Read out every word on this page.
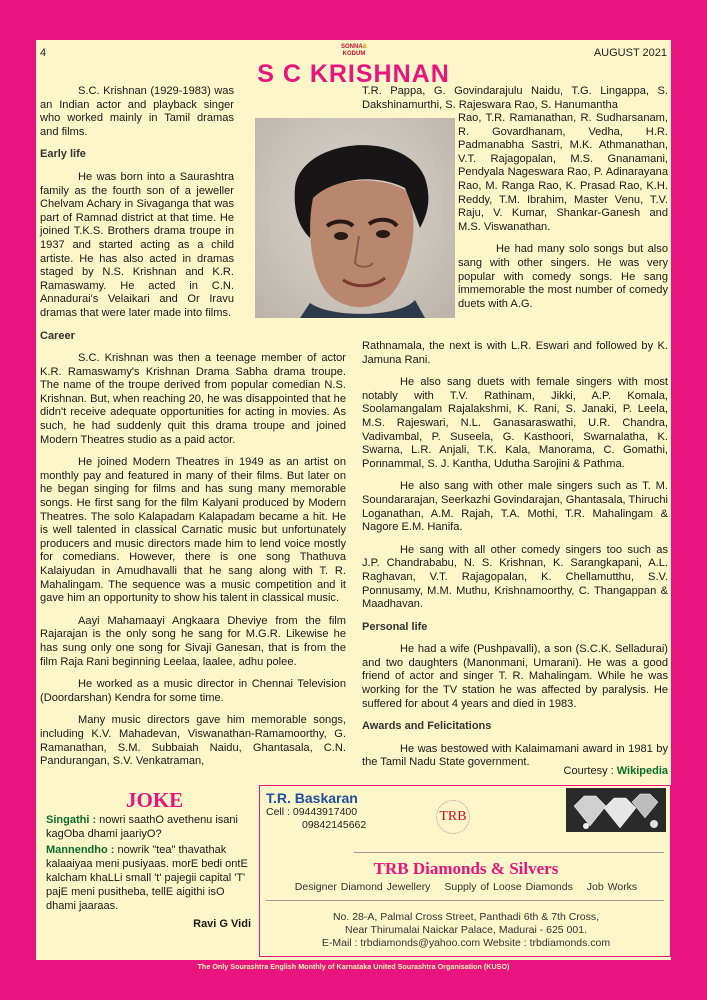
4	SONNA&
KODUM	AUGUST 2021
S C KRISHNAN

S.C. Krishnan (1929-1983) was an Indian actor and playback singer who worked mainly in Tamil dramas and films.

Early life

He was born into a Saurashtra family as the fourth son of a jeweller Chelvam Achary in Sivaganga that was part of Ramnad district at that time. He joined T.K.S. Brothers drama troupe in 1937 and started acting as a child artiste. He has also acted in dramas staged by N.S. Krishnan and K.R. Ramaswamy. He acted in C.N. Annadurai's Velaikari and Or Iravu dramas that were later made into films.

Career

S.C. Krishnan was then a teenage member of actor K.R. Ramaswamy's Krishnan Drama Sabha drama troupe. The name of the troupe derived from popular comedian N.S. Krishnan. But, when reaching 20, he was disappointed that he didn't receive adequate opportunities for acting in movies. As such, he had suddenly quit this drama troupe and joined Modern Theatres studio as a paid actor.

He joined Modern Theatres in 1949 as an artist on monthly pay and featured in many of their films. But later on he began singing for films and has sung many memorable songs. He first sang for the film Kalyani produced by Modern Theatres. The solo Kalapadam Kalapadam became a hit. He is well talented in classical Carnatic music but unfortunately producers and music directors made him to lend voice mostly for comedians. However, there is one song Thathuva Kalaiyudan in Amudhavalli that he sang along with T. R. Mahalingam. The sequence was a music competition and it gave him an opportunity to show his talent in classical music.

Aayi Mahamaayi Angkaara Dheviye from the film Rajarajan is the only song he sang for M.G.R. Likewise he has sung only one song for Sivaji Ganesan, that is from the film Raja Rani beginning Leelaa, laalee, adhu polee.

He worked as a music director in Chennai Television (Doordarshan) Kendra for some time.

Many music directors gave him memorable songs, including K.V. Mahadevan, Viswanathan-Ramamoorthy, G. Ramanathan, S.M. Subbaiah Naidu, Ghantasala, C.N. Pandurangan, S.V. Venkatraman,

T.R. Pappa, G. Govindarajulu Naidu, T.G. Lingappa, S. Dakshinamurthi, S. Rajeswara Rao, S. Hanumantha

Rao, T.R. Ramanathan, R. Sudharsanam, R. Govardhanam, Vedha, H.R. Padmanabha Sastri, M.K. Athmanathan, V.T. Rajagopalan, M.S. Gnanamani, Pendyala Nageswara Rao, P. Adinarayana Rao, M. Ranga Rao, K. Prasad Rao, K.H. Reddy, T.M. Ibrahim, Master Venu, T.V. Raju, V. Kumar, Shankar-Ganesh and M.S. Viswanathan.

He had many solo songs but also sang with other singers. He was very popular with comedy songs. He sang immemorable the most number of comedy duets with A.G.

Rathnamala, the next is with L.R. Eswari and followed by K. Jamuna Rani.

He also sang duets with female singers with most notably with T.V. Rathinam, Jikki, A.P. Komala, Soolamangalam Rajalakshmi, K. Rani, S. Janaki, P. Leela, M.S. Rajeswari, N.L. Ganasaraswathi, U.R. Chandra, Vadivambal, P. Suseela, G. Kasthoori, Swarnalatha, K. Swarna, L.R. Anjali, T.K. Kala, Manorama, C. Gomathi, Ponnammal, S. J. Kantha, Udutha Sarojini & Pathma.

He also sang with other male singers such as T. M. Soundararajan, Seerkazhi Govindarajan, Ghantasala, Thiruchi Loganathan, A.M. Rajah, T.A. Mothi, T.R. Mahalingam & Nagore E.M. Hanifa.

He sang with all other comedy singers too such as J.P. Chandrababu, N. S. Krishnan, K. Sarangkapani, A.L. Raghavan, V.T. Rajagopalan, K. Chellamutthu, S.V. Ponnusamy, M.M. Muthu, Krishnamoorthy, C. Thangappan & Maadhavan.

Personal life

He had a wife (Pushpavalli), a son (S.C.K. Selladurai) and two daughters (Manonmani, Umarani). He was a good friend of actor and singer T. R. Mahalingam. While he was working for the TV station he was affected by paralysis. He suffered for about 4 years and died in 1983.

Awards and Felicitations

He was bestowed with Kalaimamani award in 1981 by the Tamil Nadu State government.

Courtesy : Wikipedia
JOKE
Singathi : nowri saathO avethenu isani kagOba dhami jaariyO?
Mannendho : nowrik "tea" thavathak kalaaiyaa meni pusiyaas. morE bedi ontE kalcham khaLLi small 't' pajegii capital 'T' pajE meni pusitheba, tellE aigithi isO dhami jaaraas.
Ravi G Vidi
T.R. Baskaran
Cell : 09443917400
09842145662
TRB
TRB Diamonds & Silvers
Designer Diamond Jewellery Supply of Loose Diamonds Job Works
No. 28-A, Palmal Cross Street, Panthadi 6th & 7th Cross,
Near Thirumalai Naickar Palace, Madurai - 625 001.
E-Mail : trbdiamonds@yahoo.com Website : trbdiamonds.com
The Only Sourashtra English Monthly of Karnataka United Sourashtra Organisation (KUSO)
